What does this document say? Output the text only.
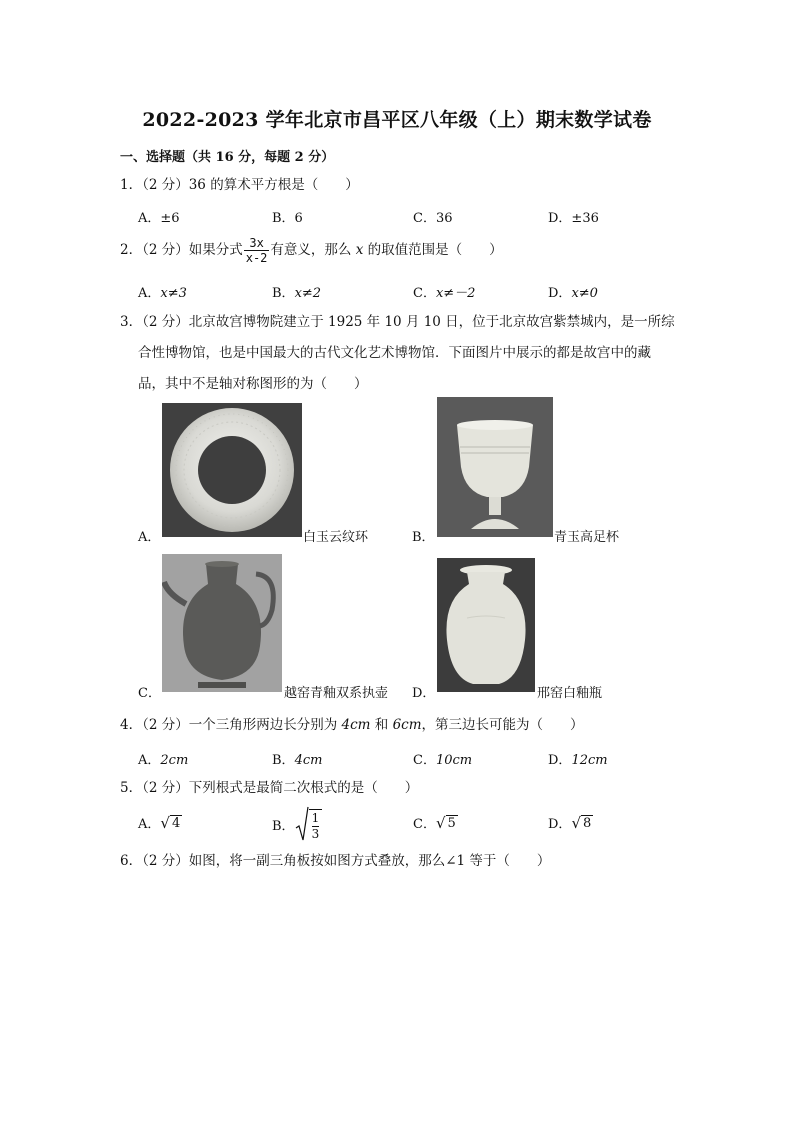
2022-2023 学年北京市昌平区八年级（上）期末数学试卷
一、选择题（共 16 分，每题 2 分）
1．（2 分）36 的算术平方根是（　　）
A．±6	B．6	C．36	D．±36
2．（2 分）如果分式 $\frac{3x}{x-2}$ 有意义，那么 x 的取值范围是（　　）
A．x≠3	B．x≠2	C．x≠－2	D．x≠0
3．（2 分）北京故宫博物院建立于 1925 年 10 月 10 日，位于北京故宫紫禁城内，是一所综
合性博物馆，也是中国最大的古代文化艺术博物馆．下面图片中展示的都是故宫中的藏
品，其中不是轴对称图形的为（　　）
A．	白玉云纹环	B．	青玉高足杯
C．	越窑青釉双系执壶 D．	邢窑白釉瓶
4．（2 分）一个三角形两边长分别为 4cm 和 6cm，第三边长可能为（　　）
A．2cm	B．4cm	C．10cm	D．12cm
5．（2 分）下列根式是最简二次根式的是（　　）
A． √ 4	B． $\frac{1}{3}$	C． √ 5	D． √ 8
6．（2 分）如图，将一副三角板按如图方式叠放，那么∠1 等于（　　）
